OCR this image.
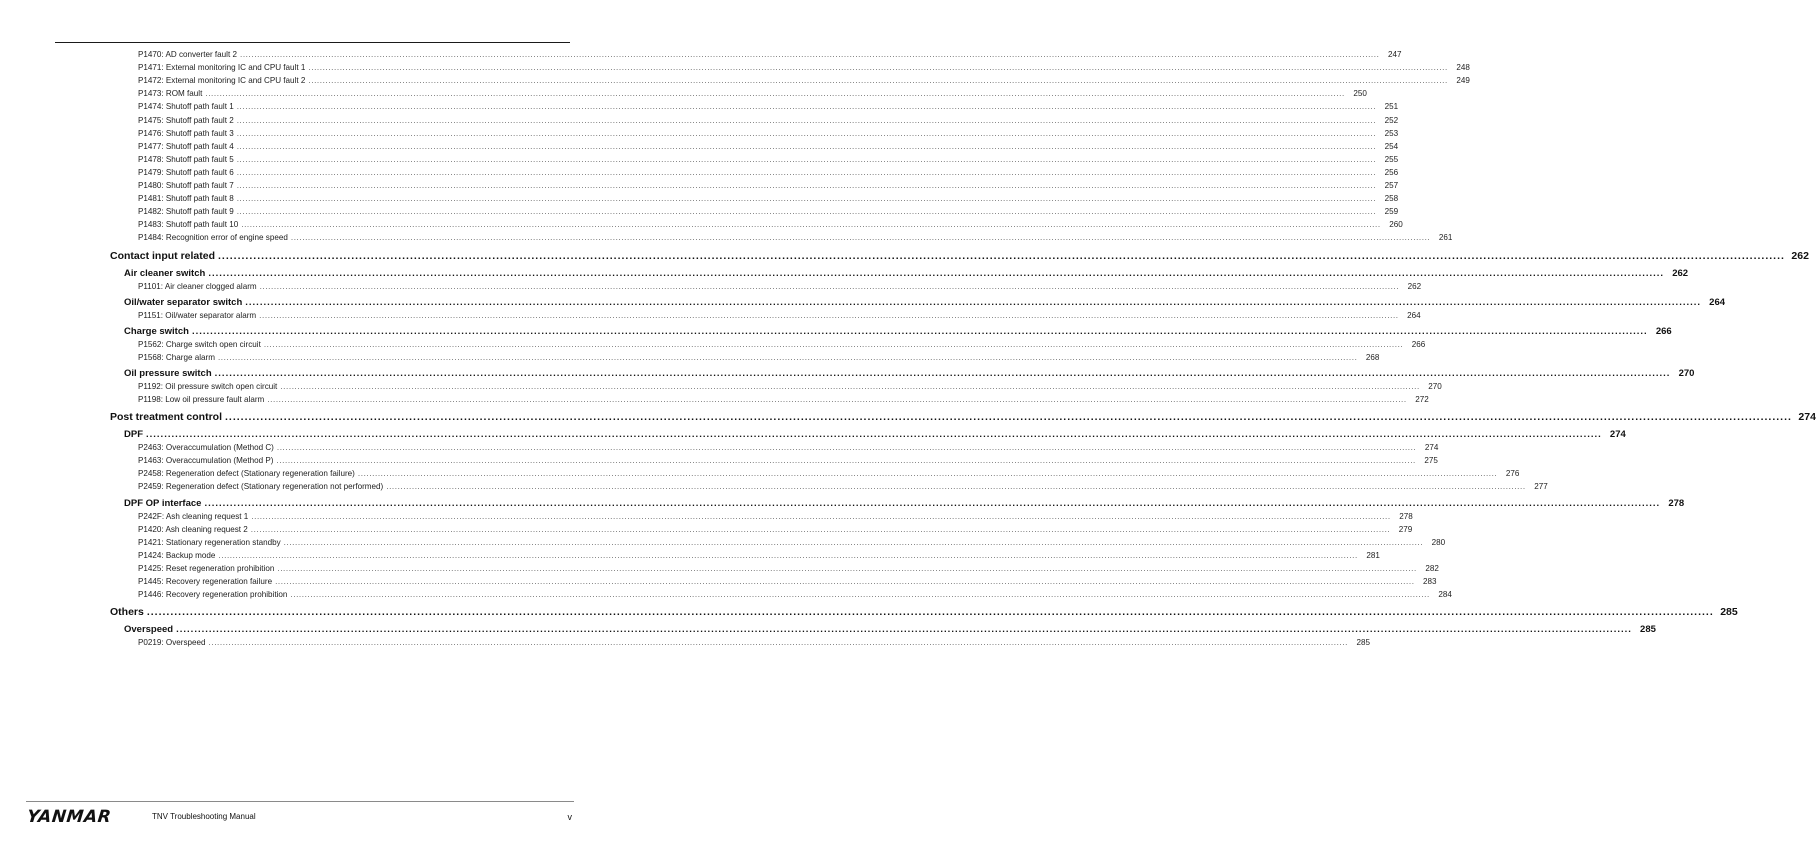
P1470: AD converter fault 2 ................................................................................................................................................................................................................................................................................................................................................................................................................	247
P1471: External monitoring IC and CPU fault 1 ................................................................................................................................................................................................................................................................................................................................................................................................................	248
P1472: External monitoring IC and CPU fault 2 ................................................................................................................................................................................................................................................................................................................................................................................................................	249
P1473: ROM fault ................................................................................................................................................................................................................................................................................................................................................................................................................	250
P1474: Shutoff path fault 1 ................................................................................................................................................................................................................................................................................................................................................................................................................	251
P1475: Shutoff path fault 2 ................................................................................................................................................................................................................................................................................................................................................................................................................	252
P1476: Shutoff path fault 3 ................................................................................................................................................................................................................................................................................................................................................................................................................	253
P1477: Shutoff path fault 4 ................................................................................................................................................................................................................................................................................................................................................................................................................	254
P1478: Shutoff path fault 5 ................................................................................................................................................................................................................................................................................................................................................................................................................	255
P1479: Shutoff path fault 6 ................................................................................................................................................................................................................................................................................................................................................................................................................	256
P1480: Shutoff path fault 7 ................................................................................................................................................................................................................................................................................................................................................................................................................	257
P1481: Shutoff path fault 8 ................................................................................................................................................................................................................................................................................................................................................................................................................	258
P1482: Shutoff path fault 9 ................................................................................................................................................................................................................................................................................................................................................................................................................	259
P1483: Shutoff path fault 10 ................................................................................................................................................................................................................................................................................................................................................................................................................	260
P1484: Recognition error of engine speed ................................................................................................................................................................................................................................................................................................................................................................................................................	261
Contact input related ................................................................................................................................................................................................................................................................................................................................................................................................................ 262
Air cleaner switch ................................................................................................................................................................................................................................................................................................................................................................................................................ 262
P1101: Air cleaner clogged alarm ................................................................................................................................................................................................................................................................................................................................................................................................................	262
Oil/water separator switch ................................................................................................................................................................................................................................................................................................................................................................................................................ 264
P1151: Oil/water separator alarm ................................................................................................................................................................................................................................................................................................................................................................................................................	264
Charge switch ................................................................................................................................................................................................................................................................................................................................................................................................................ 266
P1562: Charge switch open circuit ................................................................................................................................................................................................................................................................................................................................................................................................................	266
P1568: Charge alarm ................................................................................................................................................................................................................................................................................................................................................................................................................	268
Oil pressure switch ................................................................................................................................................................................................................................................................................................................................................................................................................ 270
P1192: Oil pressure switch open circuit ................................................................................................................................................................................................................................................................................................................................................................................................................	270
P1198: Low oil pressure fault alarm ................................................................................................................................................................................................................................................................................................................................................................................................................	272
Post treatment control ................................................................................................................................................................................................................................................................................................................................................................................................................ 274
DPF ................................................................................................................................................................................................................................................................................................................................................................................................................ 274
P2463: Overaccumulation (Method C) ................................................................................................................................................................................................................................................................................................................................................................................................................	274
P1463: Overaccumulation (Method P) ................................................................................................................................................................................................................................................................................................................................................................................................................	275
P2458: Regeneration defect (Stationary regeneration failure) ................................................................................................................................................................................................................................................................................................................................................................................................................	276
P2459: Regeneration defect (Stationary regeneration not performed) ................................................................................................................................................................................................................................................................................................................................................................................................................	277
DPF OP interface ................................................................................................................................................................................................................................................................................................................................................................................................................ 278
P242F: Ash cleaning request 1 ................................................................................................................................................................................................................................................................................................................................................................................................................	278
P1420: Ash cleaning request 2 ................................................................................................................................................................................................................................................................................................................................................................................................................	279
P1421: Stationary regeneration standby ................................................................................................................................................................................................................................................................................................................................................................................................................	280
P1424: Backup mode ................................................................................................................................................................................................................................................................................................................................................................................................................	281
P1425: Reset regeneration prohibition ................................................................................................................................................................................................................................................................................................................................................................................................................	282
P1445: Recovery regeneration failure ................................................................................................................................................................................................................................................................................................................................................................................................................	283
P1446: Recovery regeneration prohibition ................................................................................................................................................................................................................................................................................................................................................................................................................	284
Others ................................................................................................................................................................................................................................................................................................................................................................................................................ 285
Overspeed ................................................................................................................................................................................................................................................................................................................................................................................................................ 285
P0219: Overspeed ................................................................................................................................................................................................................................................................................................................................................................................................................	285
YANMAR	TNV Troubleshooting Manual	v
